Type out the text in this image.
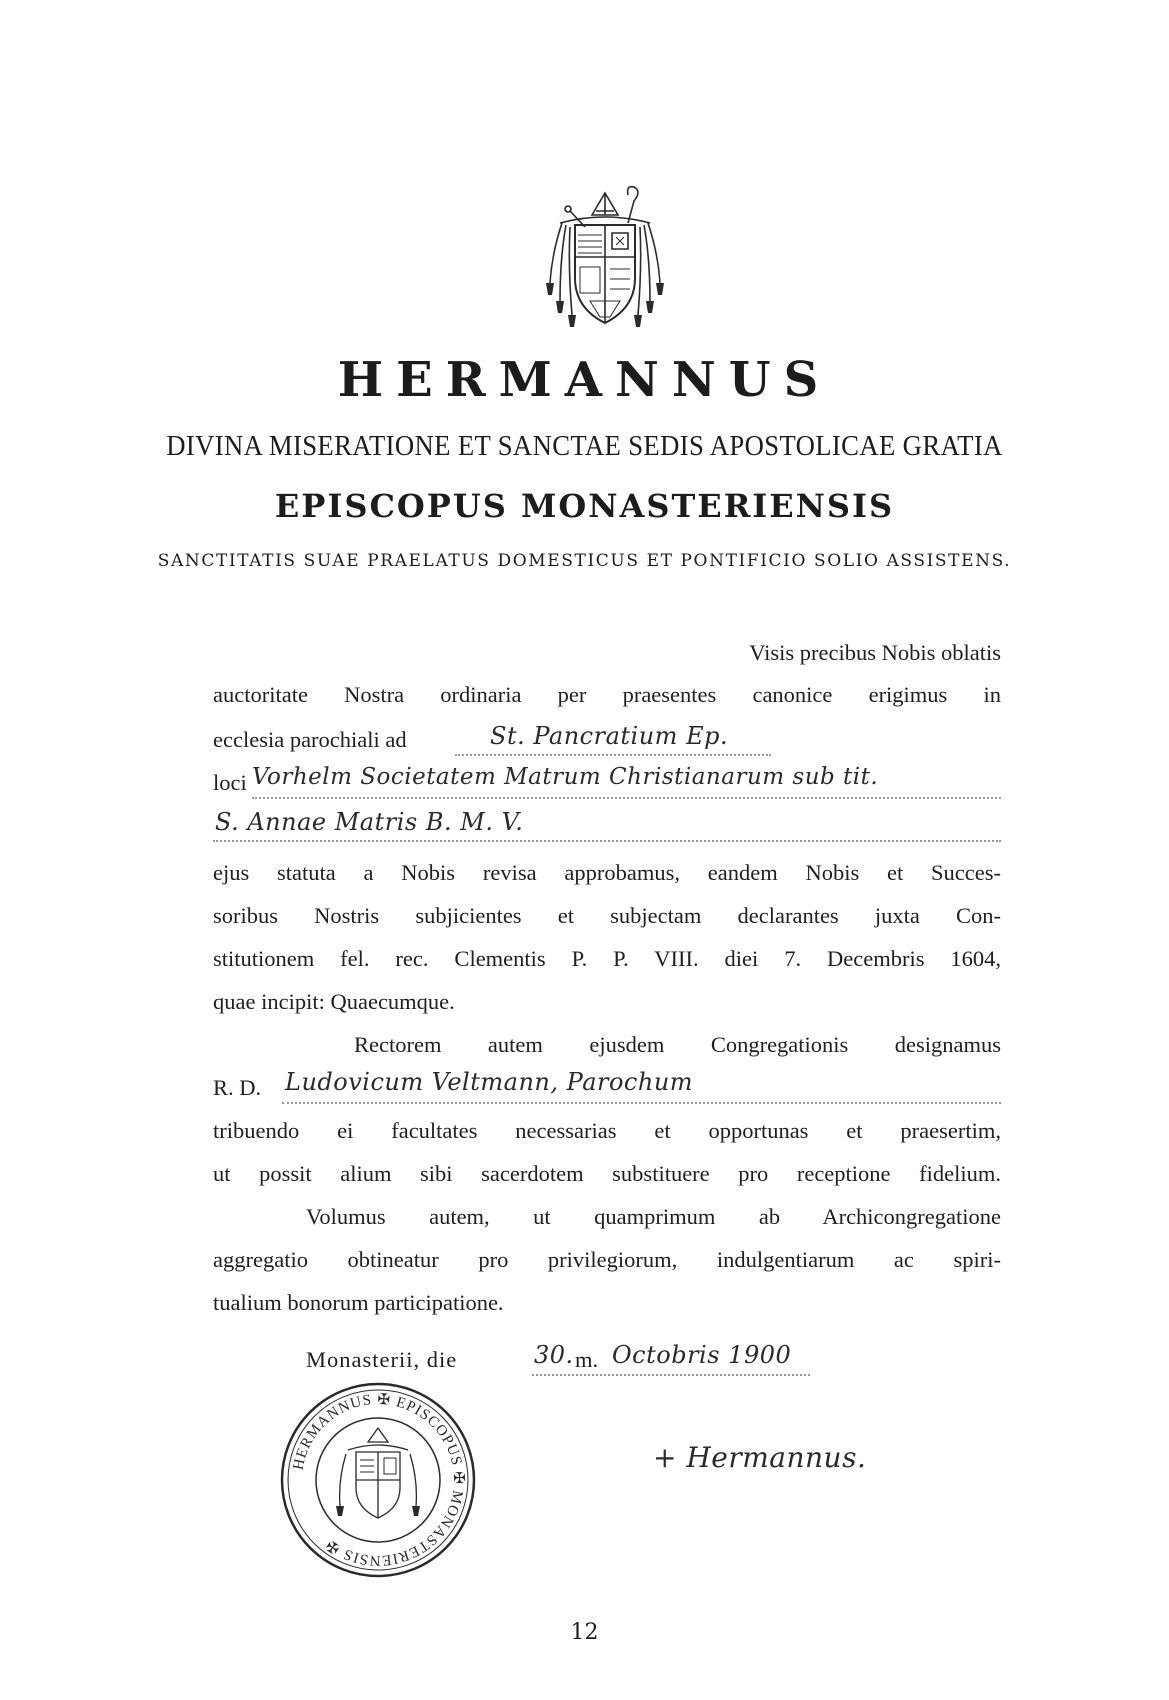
HERMANNUS
DIVINA MISERATIONE ET SANCTAE SEDIS APOSTOLICAE GRATIA
EPISCOPUS MONASTERIENSIS
SANCTITATIS SUAE PRAELATUS DOMESTICUS ET PONTIFICIO SOLIO ASSISTENS.
Visis precibus Nobis oblatis
auctoritate Nostra ordinaria per praesentes canonice erigimus in
ecclesia parochiali ad	St. Pancratium Ep.
loci Vorhelm Societatem Matrum Christianarum sub tit.
S. Annae Matris B. M. V.
ejus statuta a Nobis revisa approbamus, eandem Nobis et Succes-
soribus Nostris subjicientes et subjectam declarantes juxta Con-
stitutionem fel. rec. Clementis P. P. VIII. diei 7. Decembris 1604,
quae incipit: Quaecumque.
Rectorem autem ejusdem Congregationis designamus
R. D. Ludovicum Veltmann, Parochum
tribuendo ei facultates necessarias et opportunas et praesertim,
ut possit alium sibi sacerdotem substituere pro receptione fidelium.
Volumus autem, ut quamprimum ab Archicongregatione
aggregatio obtineatur pro privilegiorum, indulgentiarum ac spiri-
tualium bonorum participatione.
Monasterii, die	30. m. Octobris 1900
HERMANNUS ✠ EPISCOPUS ✠ MONASTERIENSIS ✠
+ Hermannus.
12
